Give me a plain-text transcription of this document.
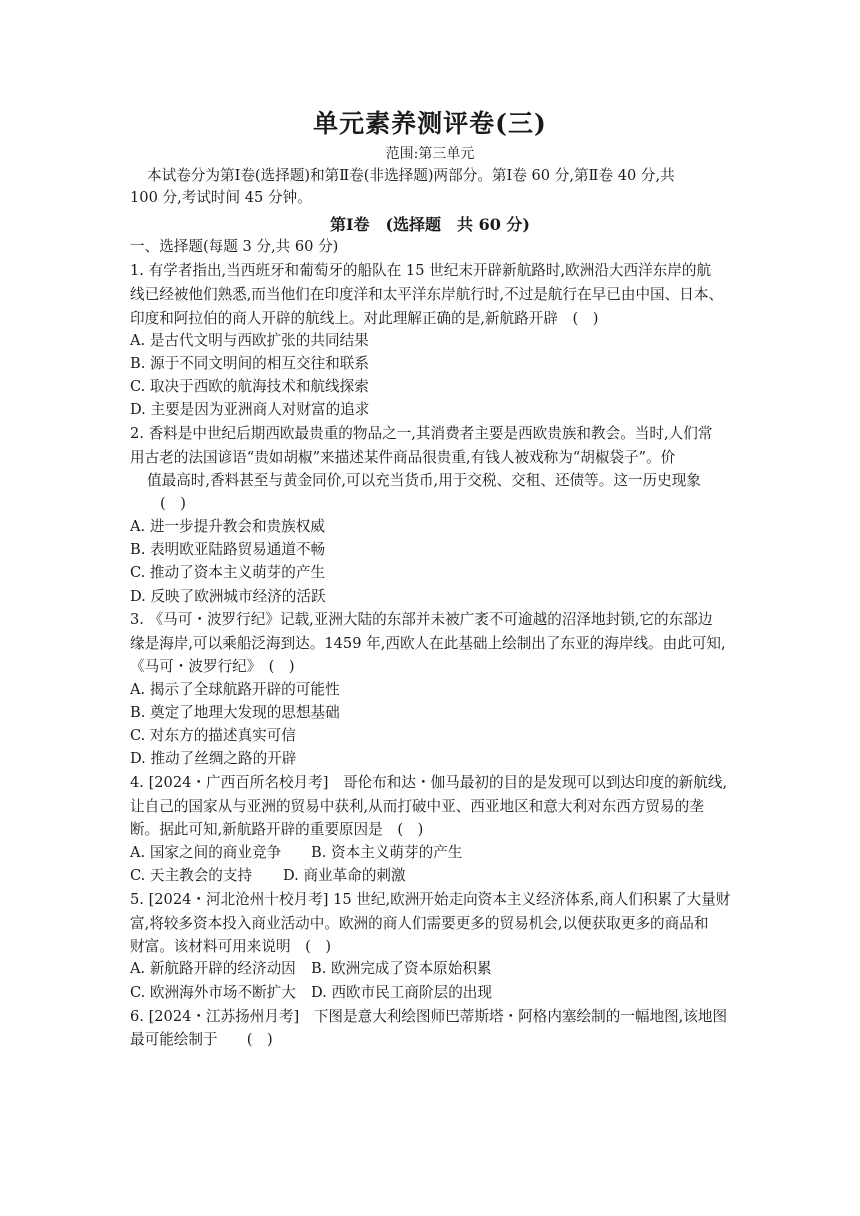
单元素养测评卷(三)
范围:第三单元
本试卷分为第Ⅰ卷(选择题)和第Ⅱ卷(非选择题)两部分。第Ⅰ卷 60 分,第Ⅱ卷 40 分,共
100 分,考试时间 45 分钟。
第Ⅰ卷　(选择题　共 60 分)
一、选择题(每题 3 分,共 60 分)
1. 有学者指出,当西班牙和葡萄牙的船队在 15 世纪末开辟新航路时,欧洲沿大西洋东岸的航
线已经被他们熟悉,而当他们在印度洋和太平洋东岸航行时,不过是航行在早已由中国、日本、
印度和阿拉伯的商人开辟的航线上。对此理解正确的是,新航路开辟　(　)
A. 是古代文明与西欧扩张的共同结果
B. 源于不同文明间的相互交往和联系
C. 取决于西欧的航海技术和航线探索
D. 主要是因为亚洲商人对财富的追求
2. 香料是中世纪后期西欧最贵重的物品之一,其消费者主要是西欧贵族和教会。当时,人们常
用古老的法国谚语“贵如胡椒”来描述某件商品很贵重,有钱人被戏称为“胡椒袋子”。价
值最高时,香料甚至与黄金同价,可以充当货币,用于交税、交租、还债等。这一历史现象
(　)
A. 进一步提升教会和贵族权威
B. 表明欧亚陆路贸易通道不畅
C. 推动了资本主义萌芽的产生
D. 反映了欧洲城市经济的活跃
3. 《马可・波罗行纪》记载,亚洲大陆的东部并未被广袤不可逾越的沼泽地封锁,它的东部边
缘是海岸,可以乘船泛海到达。1459 年,西欧人在此基础上绘制出了东亚的海岸线。由此可知,
《马可・波罗行纪》　(　)
A. 揭示了全球航路开辟的可能性
B. 奠定了地理大发现的思想基础
C. 对东方的描述真实可信
D. 推动了丝绸之路的开辟
4. [2024・广西百所名校月考]　哥伦布和达・伽马最初的目的是发现可以到达印度的新航线,
让自己的国家从与亚洲的贸易中获利,从而打破中亚、西亚地区和意大利对东西方贸易的垄
断。据此可知,新航路开辟的重要原因是　(　)
A. 国家之间的商业竞争 B. 资本主义萌芽的产生
C. 天主教会的支持 D. 商业革命的刺激
5. [2024・河北沧州十校月考] 15 世纪,欧洲开始走向资本主义经济体系,商人们积累了大量财
富,将较多资本投入商业活动中。欧洲的商人们需要更多的贸易机会,以便获取更多的商品和
财富。该材料可用来说明　(　)
A. 新航路开辟的经济动因 B. 欧洲完成了资本原始积累
C. 欧洲海外市场不断扩大 D. 西欧市民工商阶层的出现
6. [2024・江苏扬州月考]　下图是意大利绘图师巴蒂斯塔・阿格内塞绘制的一幅地图,该地图
最可能绘制于　　(　)
